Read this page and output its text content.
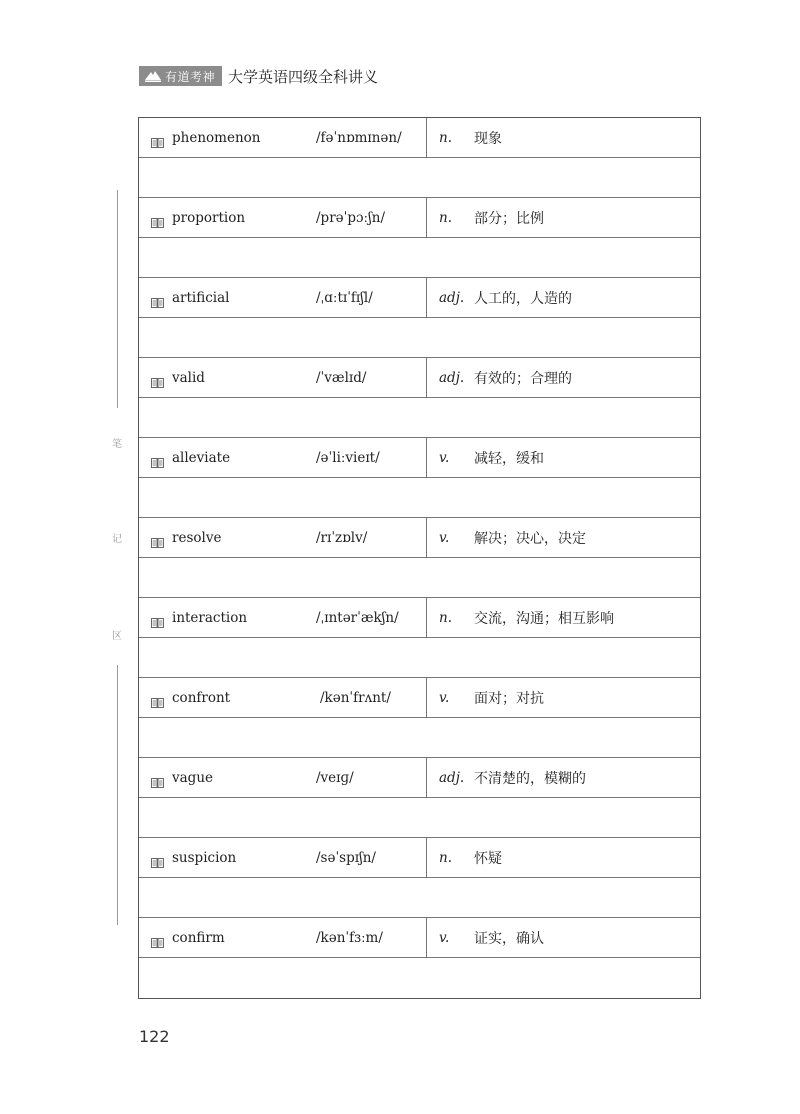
有道考神 大学英语四级全科讲义
笔
记
区
phenomenon	/fəˈnɒmɪnən/	n.	现象
proportion	/prəˈpɔːʃn/	n.	部分；比例
artificial	/ˌɑːtɪˈfɪʃl/	adj. 人工的，人造的
valid	/ˈvælɪd/	adj. 有效的；合理的
alleviate	/əˈliːvieɪt/	v.	减轻，缓和
resolve	/rɪˈzɒlv/	v.	解决；决心，决定
interaction	/ˌɪntərˈækʃn/	n.	交流，沟通；相互影响
confront	/kənˈfrʌnt/	v.	面对；对抗
vague	/veɪɡ/	adj. 不清楚的，模糊的
suspicion	/səˈspɪʃn/	n.	怀疑
confirm	/kənˈfɜːm/	v.	证实，确认
122
